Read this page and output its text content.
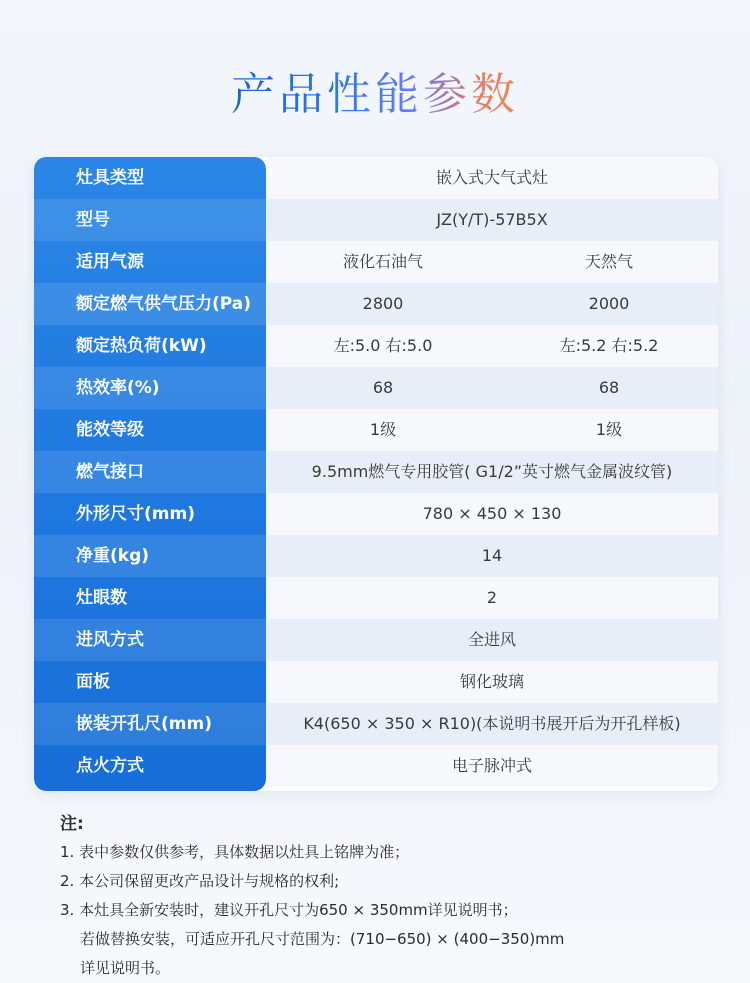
产品性能参数
灶具类型	嵌入式大气式灶
型号	JZ(Y/T)-57B5X
适用气源	液化石油气	天然气
额定燃气供气压力(Pa)	2800	2000
额定热负荷(kW)	左:5.0 右:5.0	左:5.2 右:5.2
热效率(%)	68	68
能效等级	1级	1级
燃气接口	9.5mm燃气专用胶管( G1/2”英寸燃气金属波纹管)
外形尺寸(mm)	780 × 450 × 130
净重(kg)	14
灶眼数	2
进风方式	全进风
面板	钢化玻璃
嵌装开孔尺(mm)	K4(650 × 350 × R10)(本说明书展开后为开孔样板)
点火方式	电子脉冲式
注:
1. 表中参数仅供参考，具体数据以灶具上铭牌为准；
2. 本公司保留更改产品设计与规格的权利;
3. 本灶具全新安装时，建议开孔尺寸为650 × 350mm详见说明书；
若做替换安装，可适应开孔尺寸范围为：(710−650) × (400−350)mm
详见说明书。
